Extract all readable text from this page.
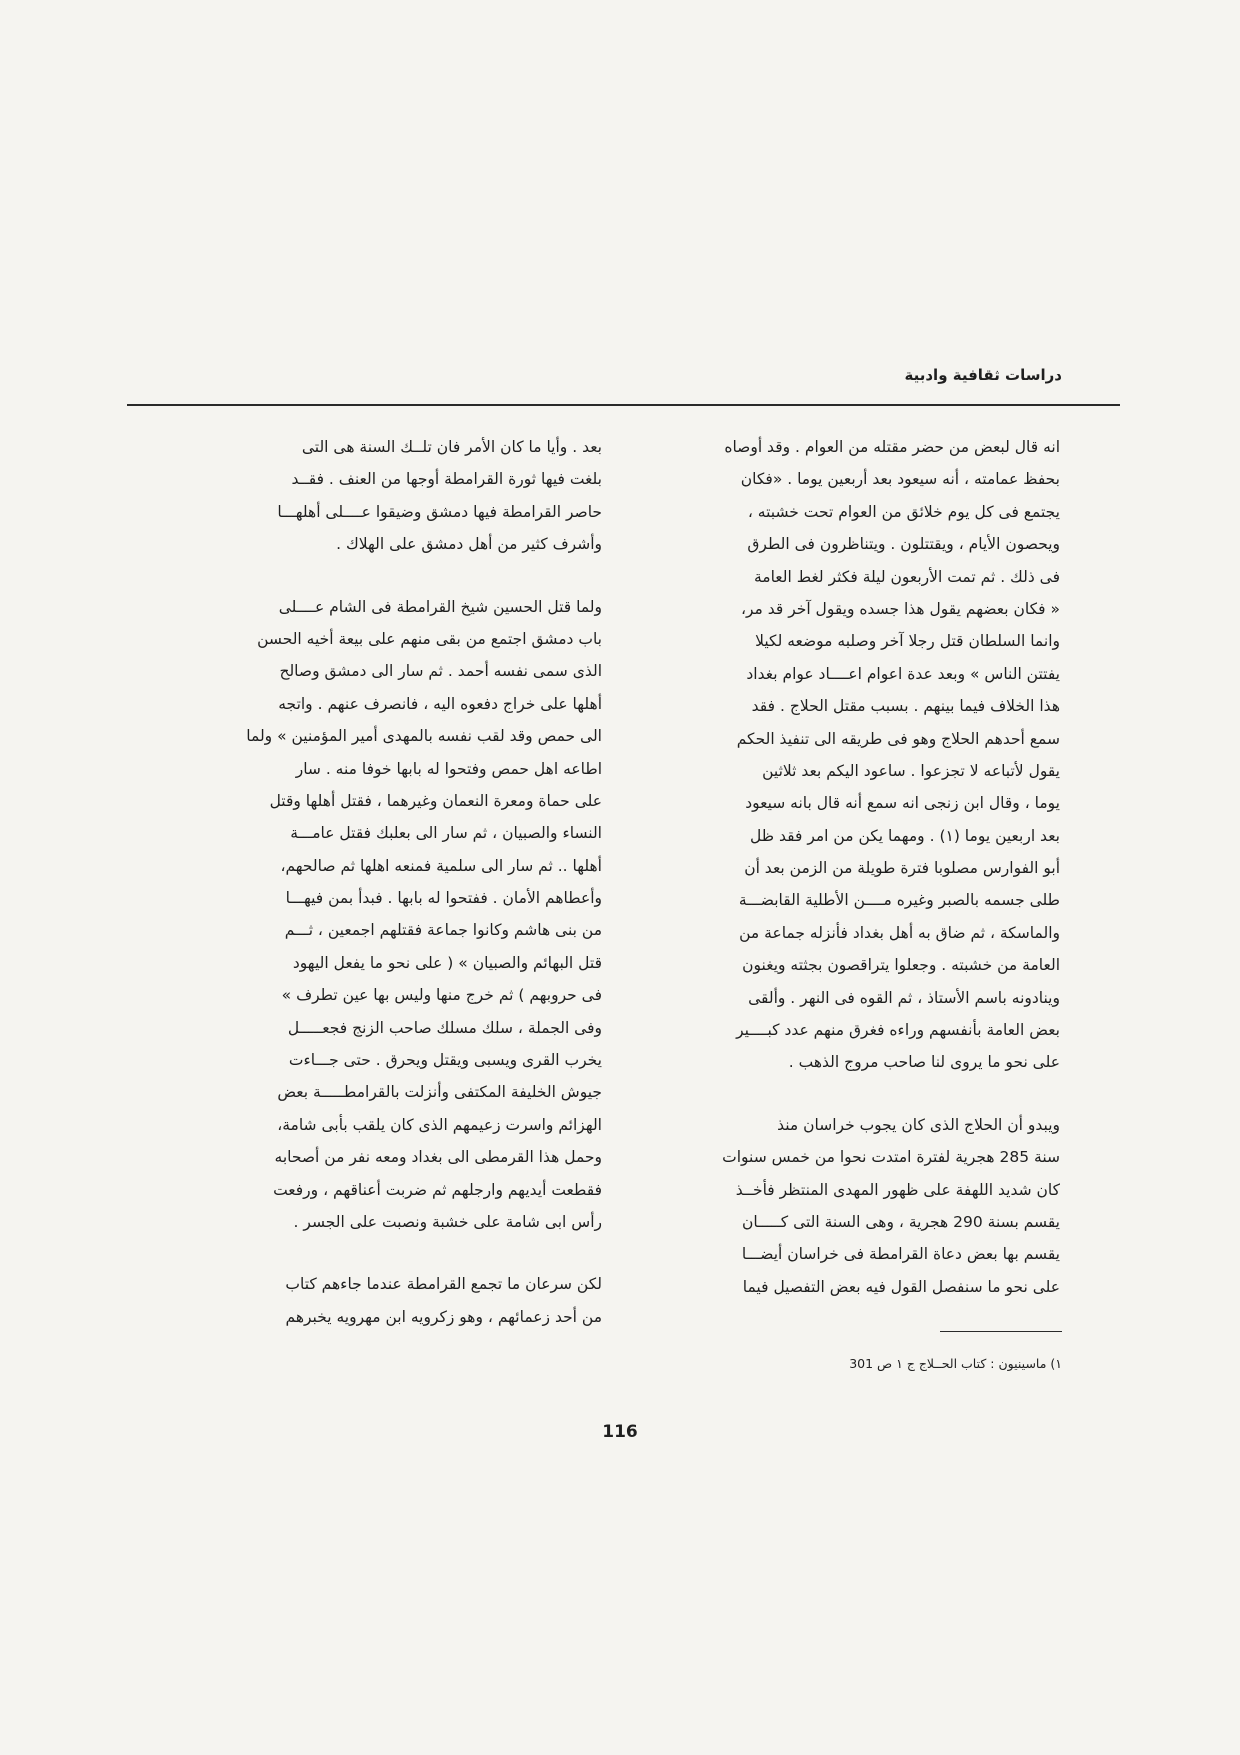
دراسات ثقافية وادبية

انه قال لبعض من حضر مقتله من العوام . وقد أوصاه
بحفظ عمامته ، أنه سيعود بعد أربعين يوما . «فكان
يجتمع فى كل يوم خلائق من العوام تحت خشبته ،
ويحصون الأيام ، ويقتتلون . ويتناظرون فى الطرق
فى ذلك . ثم تمت الأربعون ليلة فكثر لغط العامة
« فكان بعضهم يقول هذا جسده ويقول آخر قد مر،
وانما السلطان قتل رجلا آخر وصلبه موضعه لكيلا
يفتتن الناس » وبعد عدة اعوام اعــــاد عوام بغداد
هذا الخلاف فيما بينهم . بسبب مقتل الحلاج . فقد
سمع أحدهم الحلاج وهو فى طريقه الى تنفيذ الحكم
يقول لأتباعه لا تجزعوا . ساعود اليكم بعد ثلاثين
يوما ، وقال ابن زنجى انه سمع أنه قال بانه سيعود
بعد اربعين يوما (١) . ومهما يكن من امر فقد ظل
أبو الفوارس مصلوبا فترة طويلة من الزمن بعد أن
طلى جسمه بالصبر وغيره مــــن الأطلية القابضـــة
والماسكة ، ثم ضاق به أهل بغداد فأنزله جماعة من
العامة من خشبته . وجعلوا يتراقصون بجثته ويغنون
وينادونه باسم الأستاذ ، ثم القوه فى النهر . وألقى
بعض العامة بأنفسهم وراءه فغرق منهم عدد كبــــير
على نحو ما يروى لنا صاحب مروج الذهب .

ويبدو أن الحلاج الذى كان يجوب خراسان منذ
سنة 285 هجرية لفترة امتدت نحوا من خمس سنوات
كان شديد اللهفة على ظهور المهدى المنتظر فأخــذ
يقسم بسنة 290 هجرية ، وهى السنة التى كـــــان
يقسم بها بعض دعاة القرامطة فى خراسان أيضـــا
على نحو ما سنفصل القول فيه بعض التفصيل فيما

بعد . وأيا ما كان الأمر فان تلــك السنة هى التى
بلغت فيها ثورة القرامطة أوجها من العنف . فقــد
حاصر القرامطة فيها دمشق وضيقوا عــــلى أهلهـــا
وأشرف كثير من أهل دمشق على الهلاك .

ولما قتل الحسين شيخ القرامطة فى الشام عــــلى
باب دمشق اجتمع من بقى منهم على بيعة أخيه الحسن
الذى سمى نفسه أحمد . ثم سار الى دمشق وصالح
أهلها على خراج دفعوه اليه ، فانصرف عنهم . واتجه
الى حمص وقد لقب نفسه بالمهدى أمير المؤمنين » ولما
اطاعه اهل حمص وفتحوا له بابها خوفا منه . سار
على حماة ومعرة النعمان وغيرهما ، فقتل أهلها وقتل
النساء والصبيان ، ثم سار الى بعلبك فقتل عامـــة
أهلها .. ثم سار الى سلمية فمنعه اهلها ثم صالحهم،
وأعطاهم الأمان . ففتحوا له بابها . فبدأ بمن فيهـــا
من بنى هاشم وكانوا جماعة فقتلهم اجمعين ، ثـــم
قتل البهائم والصبيان » ( على نحو ما يفعل اليهود
فى حروبهم ) ثم خرج منها وليس بها عين تطرف »
وفى الجملة ، سلك مسلك صاحب الزنج فجعـــــل
يخرب القرى ويسبى ويقتل ويحرق . حتى جـــاءت
جيوش الخليفة المكتفى وأنزلت بالقرامطـــــة بعض
الهزائم واسرت زعيمهم الذى كان يلقب بأبى شامة،
وحمل هذا القرمطى الى بغداد ومعه نفر من أصحابه
فقطعت أيديهم وارجلهم ثم ضربت أعناقهم ، ورفعت
رأس ابى شامة على خشبة ونصبت على الجسر .

لكن سرعان ما تجمع القرامطة عندما جاءهم كتاب
من أحد زعمائهم ، وهو زكرويه ابن مهرويه يخبرهم

١) ماسينيون : كتاب الحــلاج ج ١ ص 301
116
